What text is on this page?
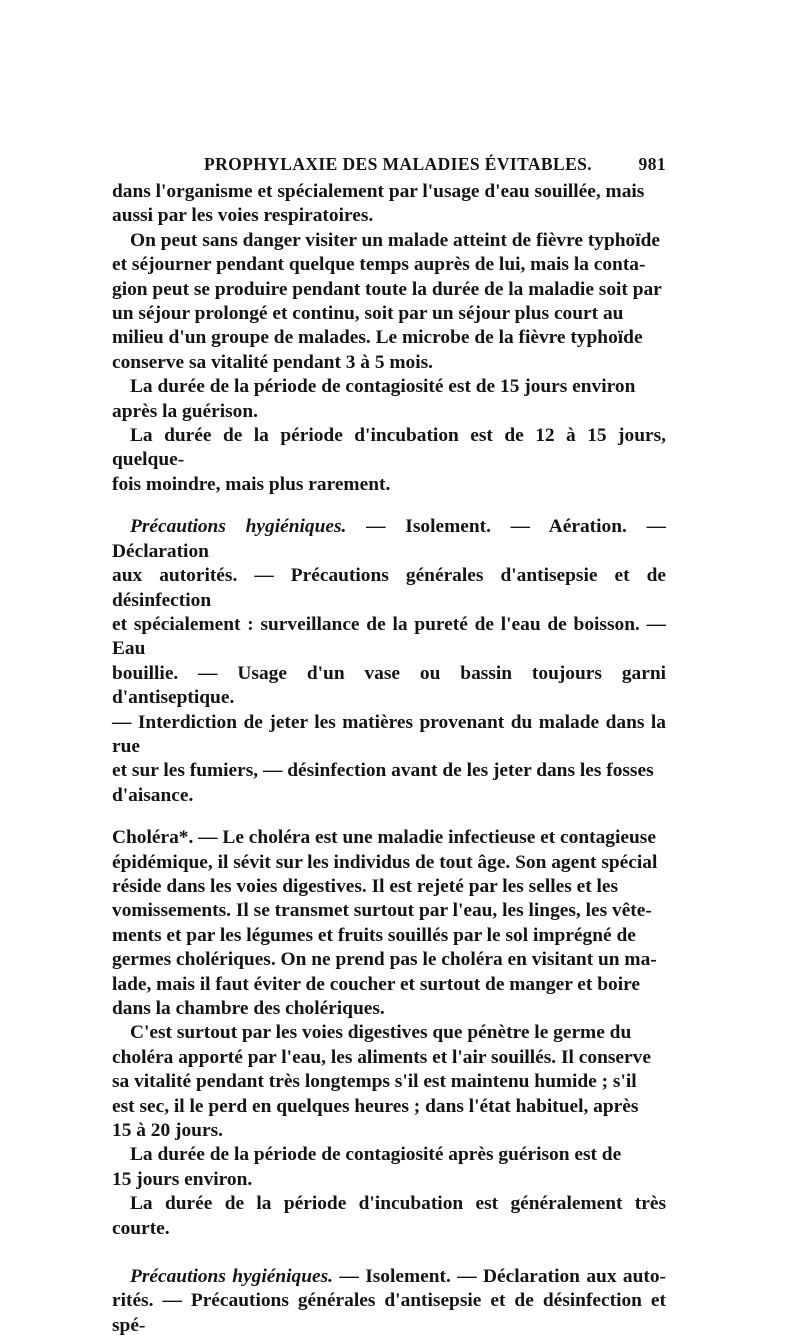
PROPHYLAXIE DES MALADIES ÉVITABLES.	981

dans l'organisme et spécialement par l'usage d'eau souillée, mais
aussi par les voies respiratoires.

On peut sans danger visiter un malade atteint de fièvre typhoïde
et séjourner pendant quelque temps auprès de lui, mais la conta-
gion peut se produire pendant toute la durée de la maladie soit par
un séjour prolongé et continu, soit par un séjour plus court au
milieu d'un groupe de malades. Le microbe de la fièvre typhoïde
conserve sa vitalité pendant 3 à 5 mois.

La durée de la période de contagiosité est de 15 jours environ
après la guérison.

La durée de la période d'incubation est de 12 à 15 jours, quelque-
fois moindre, mais plus rarement.

Précautions hygiéniques. — Isolement. — Aération. — Déclaration
aux autorités. — Précautions générales d'antisepsie et de désinfection
et spécialement : surveillance de la pureté de l'eau de boisson. — Eau
bouillie. — Usage d'un vase ou bassin toujours garni d'antiseptique.
— Interdiction de jeter les matières provenant du malade dans la rue
et sur les fumiers, — désinfection avant de les jeter dans les fosses
d'aisance.

Choléra*. — Le choléra est une maladie infectieuse et contagieuse
épidémique, il sévit sur les individus de tout âge. Son agent spécial
réside dans les voies digestives. Il est rejeté par les selles et les
vomissements. Il se transmet surtout par l'eau, les linges, les vête-
ments et par les légumes et fruits souillés par le sol imprégné de
germes cholériques. On ne prend pas le choléra en visitant un ma-
lade, mais il faut éviter de coucher et surtout de manger et boire
dans la chambre des cholériques.

C'est surtout par les voies digestives que pénètre le germe du
choléra apporté par l'eau, les aliments et l'air souillés. Il conserve
sa vitalité pendant très longtemps s'il est maintenu humide ; s'il
est sec, il le perd en quelques heures ; dans l'état habituel, après
15 à 20 jours.

La durée de la période de contagiosité après guérison est de
15 jours environ.

La durée de la période d'incubation est généralement très courte.

Précautions hygiéniques. — Isolement. — Déclaration aux auto-
rités. — Précautions générales d'antisepsie et de désinfection et spé-
